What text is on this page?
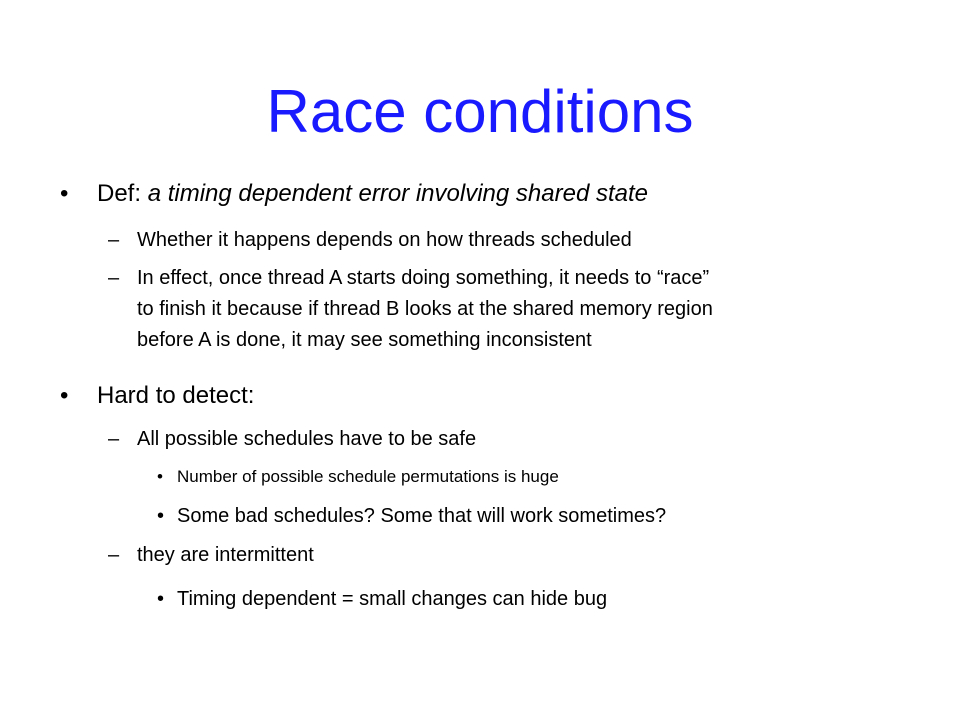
Race conditions
• Def: a timing dependent error involving shared state
– Whether it happens depends on how threads scheduled
– In effect, once thread A starts doing something, it needs to “race”
to finish it because if thread B looks at the shared memory region
before A is done, it may see something inconsistent
• Hard to detect:
– All possible schedules have to be safe
• Number of possible schedule permutations is huge
• Some bad schedules? Some that will work sometimes?
– they are intermittent
• Timing dependent = small changes can hide bug
